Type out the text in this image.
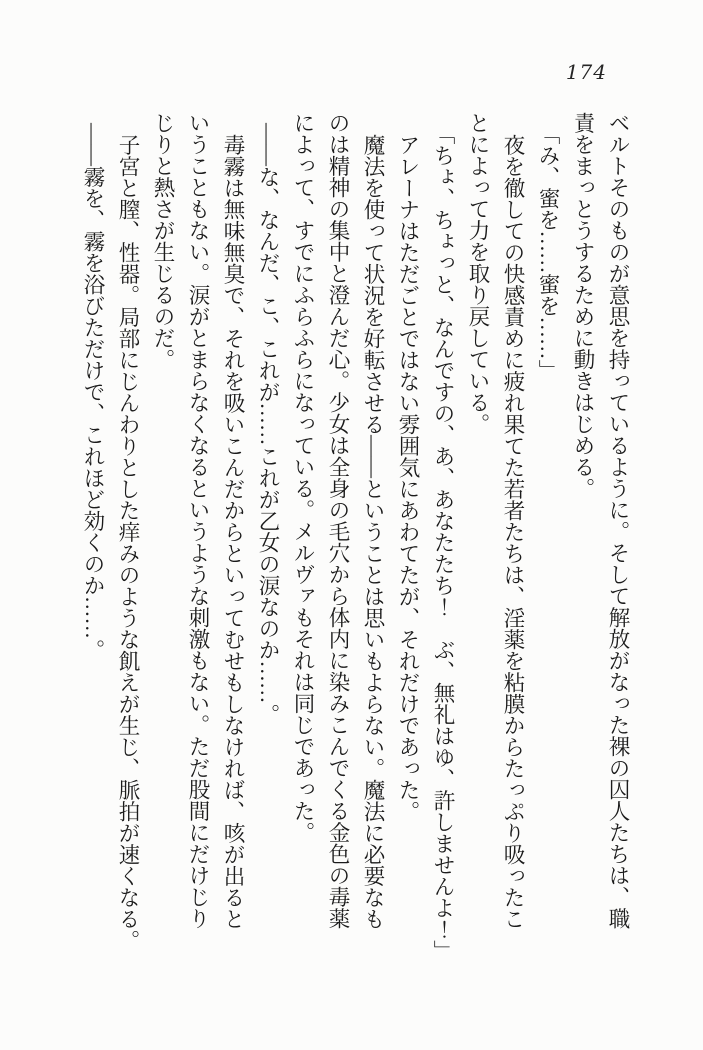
174
ベルトそのものが意思を持っているように。そして解放がなった裸の囚人たちは、職
責をまっとうするために動きはじめる。
「み、蜜を……蜜を……」
夜を徹しての快感責めに疲れ果てた若者たちは、淫薬を粘膜からたっぷり吸ったこ
とによって力を取り戻している。
「ちょ、ちょっと、なんですの、あ、あなたたち！　ぶ、無礼はゆ、許しませんよ！」
アレーナはただごとではない雰囲気にあわてたが、それだけであった。
魔法を使って状況を好転させる――ということは思いもよらない。魔法に必要なも
のは精神の集中と澄んだ心。少女は全身の毛穴から体内に染みこんでくる金色の毒薬
によって、すでにふらふらになっている。メルヴァもそれは同じであった。
――な、なんだ、こ、これが……これが乙女の涙なのか……。
毒霧は無味無臭で、それを吸いこんだからといってむせもしなければ、咳が出ると
いうこともない。涙がとまらなくなるというような刺激もない。ただ股間にだけじり
じりと熱さが生じるのだ。
子宮と膣、性器。局部にじんわりとした痒みのような飢えが生じ、脈拍が速くなる。
――霧を、霧を浴びただけで、これほど効くのか……。
